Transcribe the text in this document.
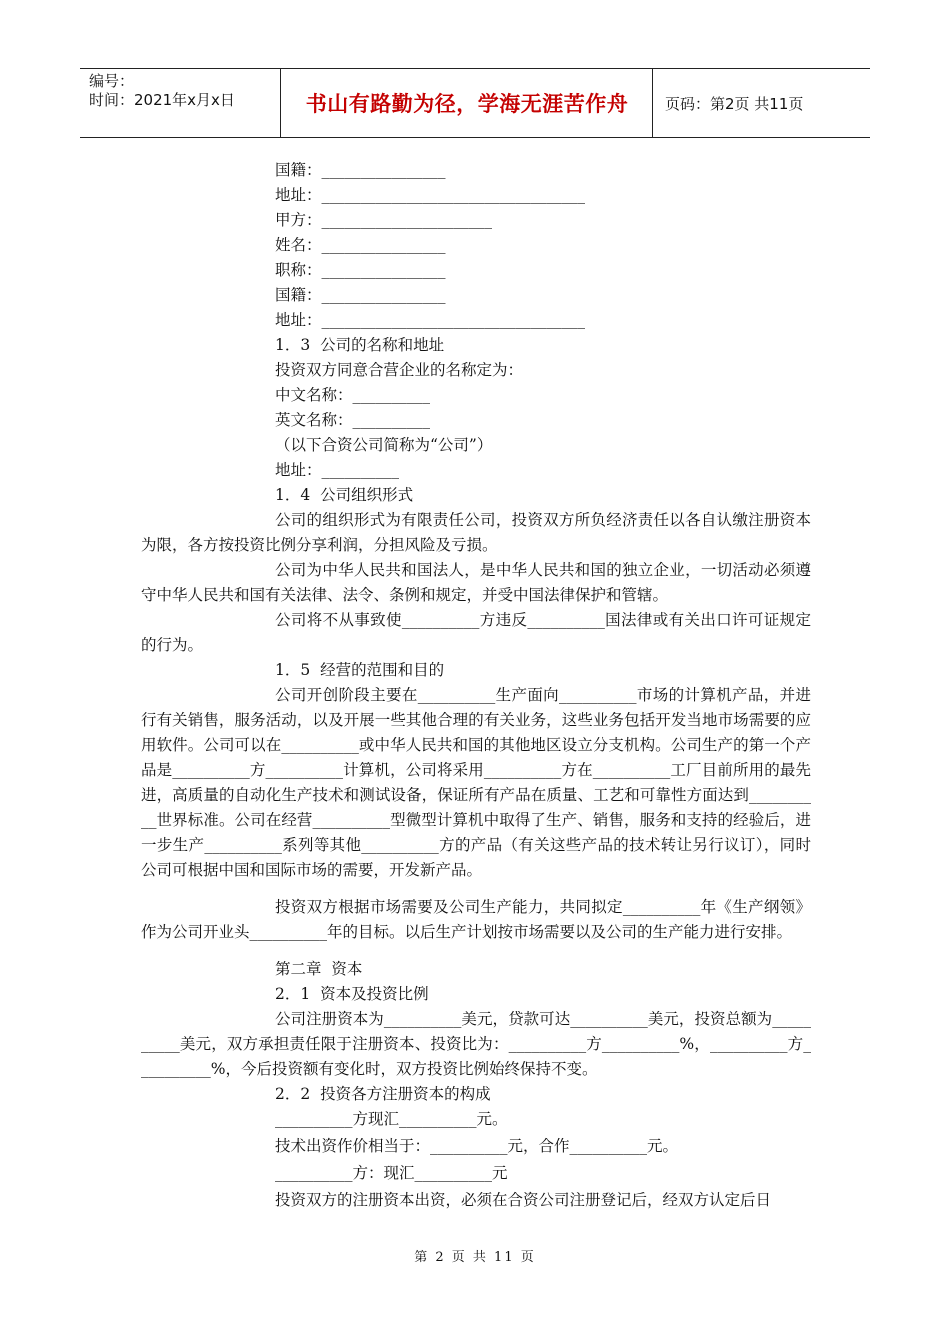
编号：
时间：2021年x月x日	书山有路勤为径，学海无涯苦作舟	页码：第2页 共11页
国籍：________________
地址：__________________________________
甲方：______________________
姓名：________________
职称：________________
国籍：________________
地址：__________________________________
1．3  公司的名称和地址
投资双方同意合营企业的名称定为：
中文名称：__________
英文名称：__________
（以下合资公司简称为“公司”）
地址：__________
1．4  公司组织形式
公司的组织形式为有限责任公司，投资双方所负经济责任以各自认缴注册资本为限，各方按投资比例分享利润，分担风险及亏损。
公司为中华人民共和国法人，是中华人民共和国的独立企业，一切活动必须遵守中华人民共和国有关法律、法令、条例和规定，并受中国法律保护和管辖。
公司将不从事致使__________方违反__________国法律或有关出口许可证规定的行为。
1．5  经营的范围和目的
公司开创阶段主要在__________生产面向__________市场的计算机产品，并进行有关销售，服务活动，以及开展一些其他合理的有关业务，这些业务包括开发当地市场需要的应用软件。公司可以在__________或中华人民共和国的其他地区设立分支机构。公司生产的第一个产品是__________方__________计算机，公司将采用__________方在__________工厂目前所用的最先进，高质量的自动化生产技术和测试设备，保证所有产品在质量、工艺和可靠性方面达到__________世界标准。公司在经营__________型微型计算机中取得了生产、销售，服务和支持的经验后，进一步生产__________系列等其他__________方的产品（有关这些产品的技术转让另行议订），同时公司可根据中国和国际市场的需要，开发新产品。
投资双方根据市场需要及公司生产能力，共同拟定__________年《生产纲领》作为公司开业头__________年的目标。以后生产计划按市场需要以及公司的生产能力进行安排。
第二章  资本
2．1  资本及投资比例
公司注册资本为__________美元，贷款可达__________美元，投资总额为__________美元，双方承担责任限于注册资本、投资比为：__________方__________%，__________方__________%，今后投资额有变化时，双方投资比例始终保持不变。
2．2  投资各方注册资本的构成
__________方现汇__________元。
技术出资作价相当于：__________元，合作__________元。
__________方：现汇__________元
投资双方的注册资本出资，必须在合资公司注册登记后，经双方认定后日
第 2 页 共 11 页
